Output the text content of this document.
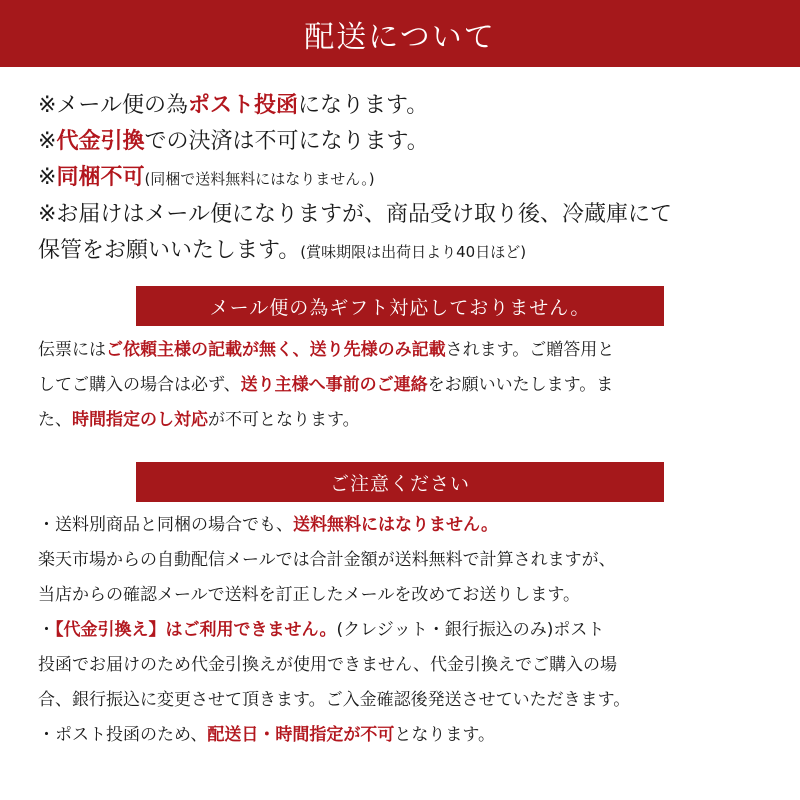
配送について
※メール便の為ポスト投函になります。
※代金引換での決済は不可になります。
※同梱不可(同梱で送料無料にはなりません。)
※お届けはメール便になりますが、商品受け取り後、冷蔵庫にて
保管をお願いいたします。(賞味期限は出荷日より40日ほど)
メール便の為ギフト対応しておりません。
伝票にはご依頼主様の記載が無く、送り先様のみ記載されます。ご贈答用と
してご購入の場合は必ず、送り主様へ事前のご連絡をお願いいたします。ま
た、時間指定のし対応が不可となります。
ご注意ください
・送料別商品と同梱の場合でも、送料無料にはなりません。
楽天市場からの自動配信メールでは合計金額が送料無料で計算されますが、
当店からの確認メールで送料を訂正したメールを改めてお送りします。
・【代金引換え】はご利用できません。(クレジット・銀行振込のみ)ポスト
投函でお届けのため代金引換えが使用できません、代金引換えでご購入の場
合、銀行振込に変更させて頂きます。ご入金確認後発送させていただきます。
・ポスト投函のため、配送日・時間指定が不可となります。
